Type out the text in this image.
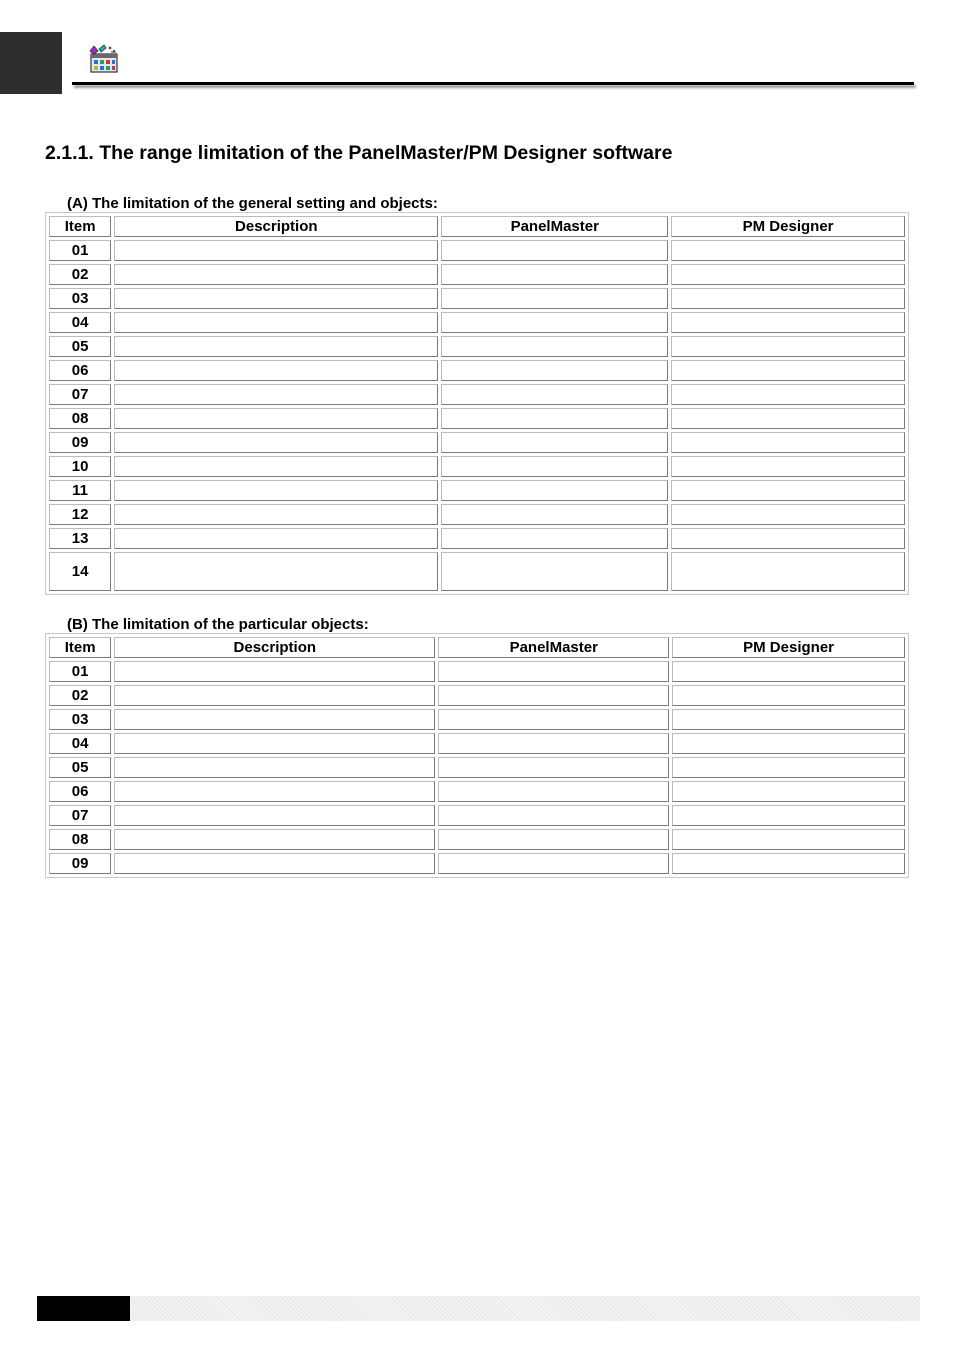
2.1.1. The range limitation of the PanelMaster/PM Designer software

(A) The limitation of the general setting and objects:

Item	Description	PanelMaster	PM Designer
01			
02			
03			
04			
05			
06			
07			
08			
09			
10			
11			
12			
13			
14			

(B) The limitation of the particular objects:

Item	Description	PanelMaster	PM Designer
01			
02			
03			
04			
05			
06			
07			
08			
09			
